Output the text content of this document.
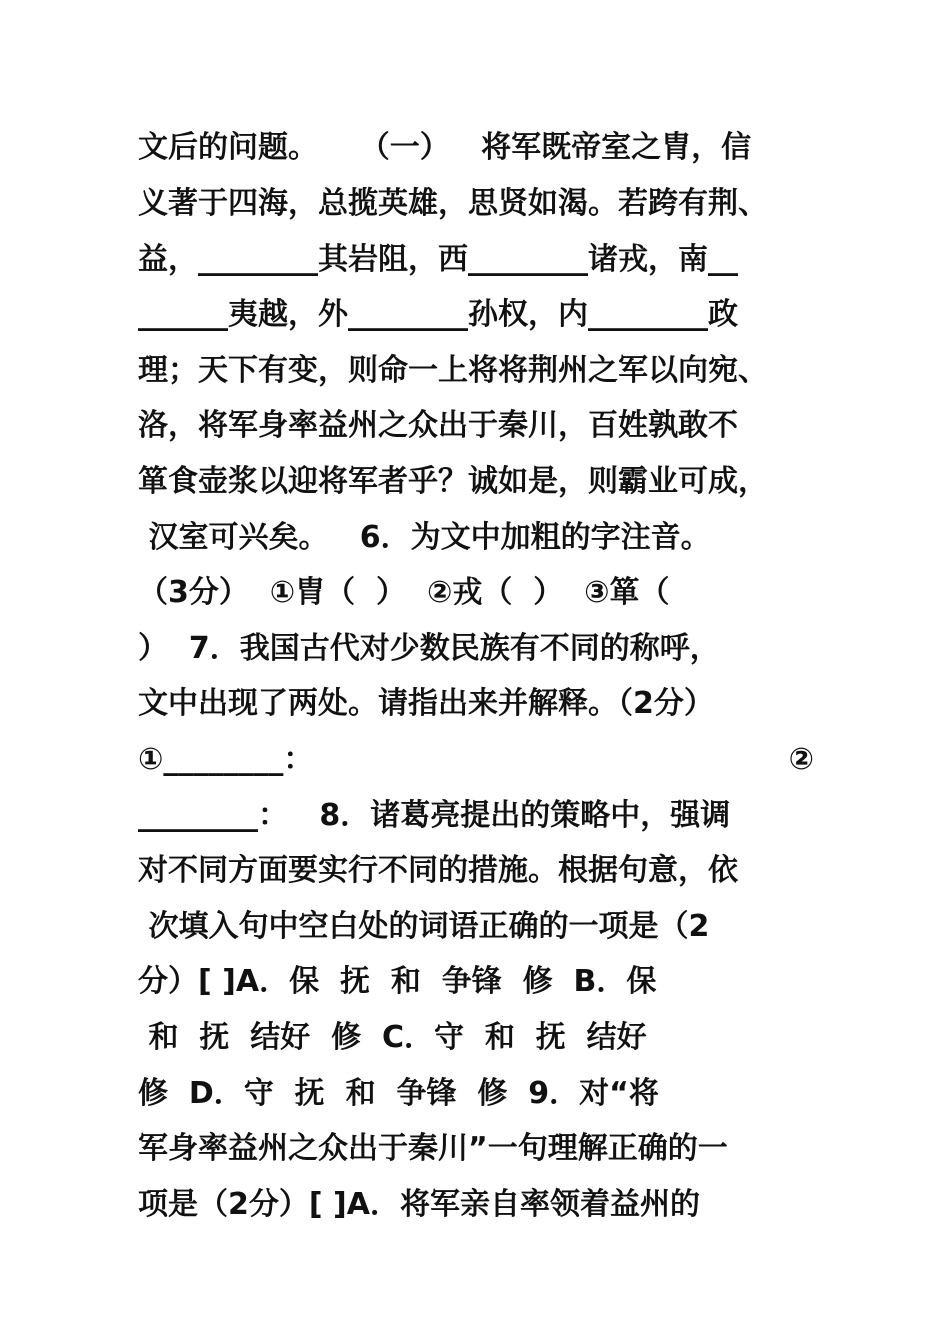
文后的问题。    （一）   将军既帝室之胄，信
义著于四海，总揽英雄，思贤如渴。若跨有荆、
益，________其岩阻，西________诸戎，南__
______夷越，外________孙权，内________政
理；天下有变，则命一上将将荆州之军以向宛、
洛，将军身率益州之众出于秦川，百姓孰敢不
箪食壶浆以迎将军者乎？诚如是，则霸业可成，
汉室可兴矣。   6．为文中加粗的字注音。
（3分）  ①胄（  ）  ②戎（  ）  ③箪（
）  7．我国古代对少数民族有不同的称呼，
文中出现了两处。请指出来并解释。（2分）
①________：	②
________：   8．诸葛亮提出的策略中，强调
对不同方面要实行不同的措施。根据句意，依
次填入句中空白处的词语正确的一项是（2
分）[ ]A．保  抚  和  争锋  修  B．保
和  抚  结好  修  C．守  和  抚  结好
修  D．守  抚  和  争锋  修  9．对“将
军身率益州之众出于秦川”一句理解正确的一
项是（2分）[ ]A．将军亲自率领着益州的
